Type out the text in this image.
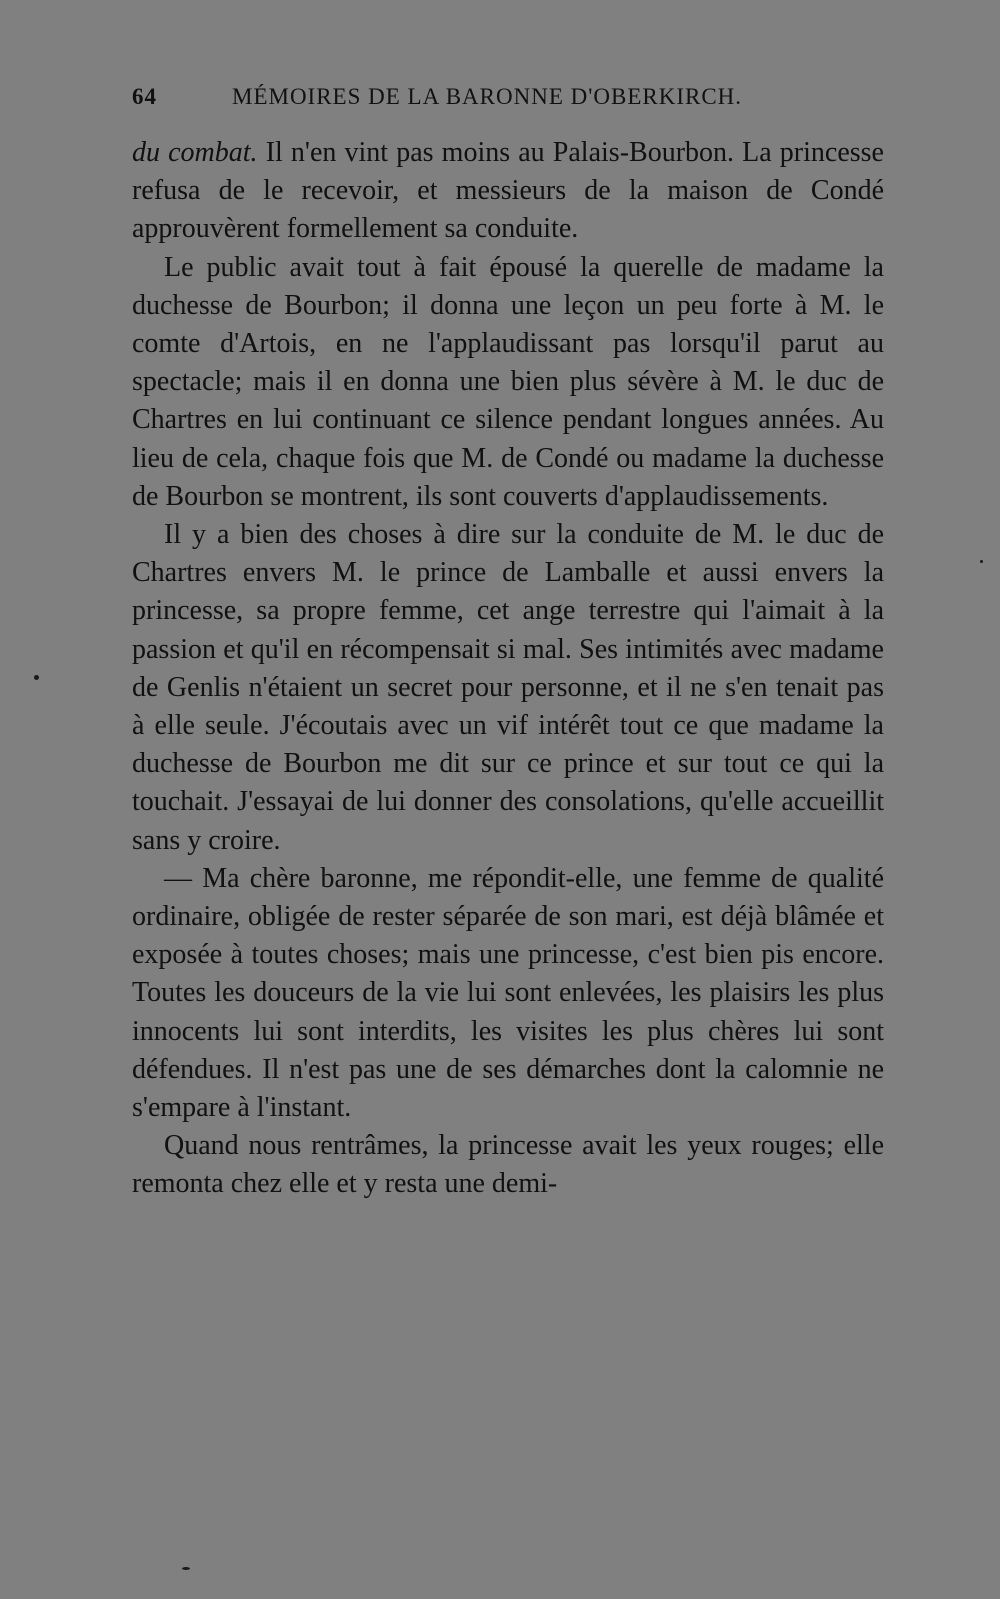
64	MÉMOIRES DE LA BARONNE D'OBERKIRCH.

du combat. Il n'en vint pas moins au Palais-Bourbon. La princesse refusa de le recevoir, et messieurs de la maison de Condé approuvèrent formellement sa conduite.

Le public avait tout à fait épousé la querelle de madame la duchesse de Bourbon; il donna une leçon un peu forte à M. le comte d'Artois, en ne l'applaudissant pas lorsqu'il parut au spectacle; mais il en donna une bien plus sévère à M. le duc de Chartres en lui continuant ce silence pendant longues années. Au lieu de cela, chaque fois que M. de Condé ou madame la duchesse de Bourbon se montrent, ils sont couverts d'applaudissements.

Il y a bien des choses à dire sur la conduite de M. le duc de Chartres envers M. le prince de Lamballe et aussi envers la princesse, sa propre femme, cet ange terrestre qui l'aimait à la passion et qu'il en récompensait si mal. Ses intimités avec madame de Genlis n'étaient un secret pour personne, et il ne s'en tenait pas à elle seule. J'écoutais avec un vif intérêt tout ce que madame la duchesse de Bourbon me dit sur ce prince et sur tout ce qui la touchait. J'essayai de lui donner des consolations, qu'elle accueillit sans y croire.

— Ma chère baronne, me répondit-elle, une femme de qualité ordinaire, obligée de rester séparée de son mari, est déjà blâmée et exposée à toutes choses; mais une princesse, c'est bien pis encore. Toutes les douceurs de la vie lui sont enlevées, les plaisirs les plus innocents lui sont interdits, les visites les plus chères lui sont défendues. Il n'est pas une de ses démarches dont la calomnie ne s'empare à l'instant.

Quand nous rentrâmes, la princesse avait les yeux rouges; elle remonta chez elle et y resta une demi-
